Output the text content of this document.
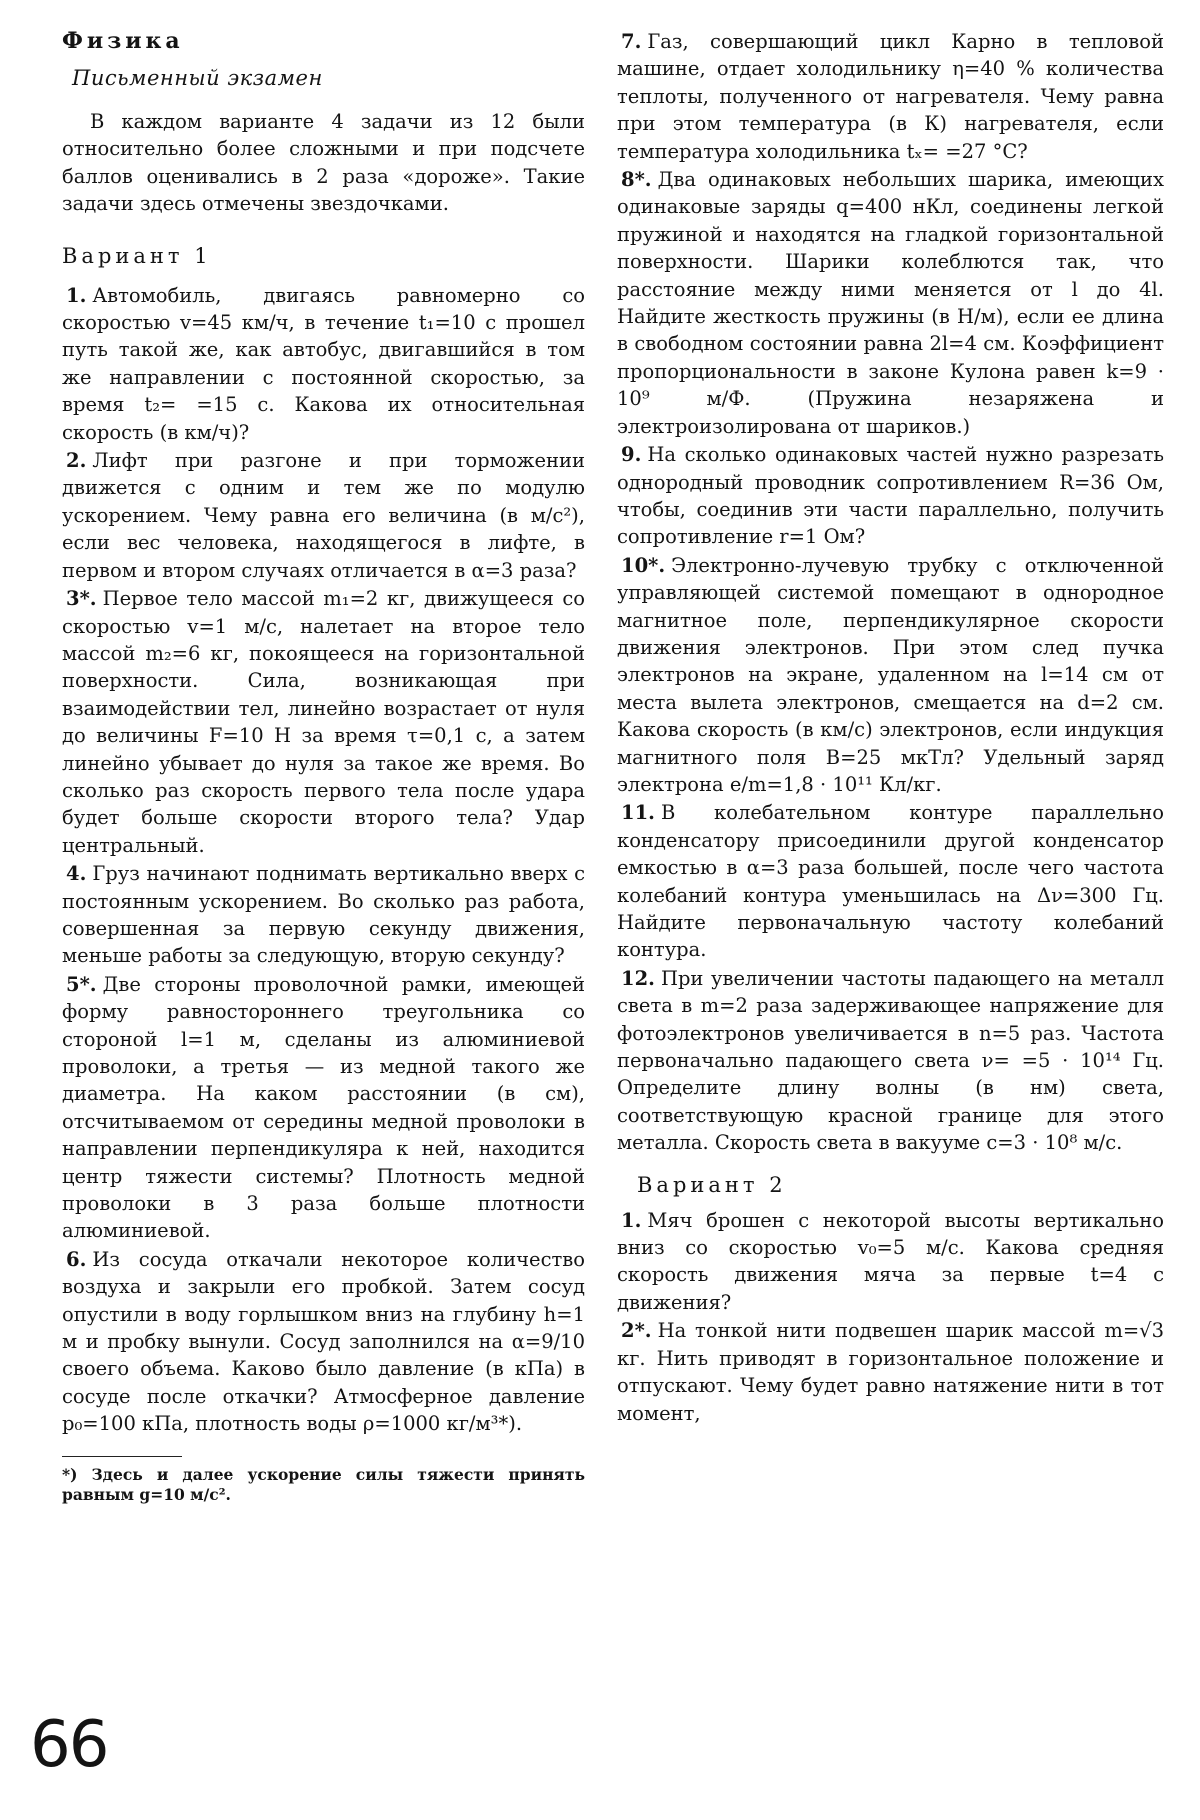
Физика

Письменный экзамен

В каждом варианте 4 задачи из 12 были относительно более сложными и при подсчете баллов оценивались в 2 раза «дороже». Такие задачи здесь отмечены звездочками.

Вариант 1

1. Автомобиль, двигаясь равномерно со скоростью v=45 км/ч, в течение t₁=10 с прошел путь такой же, как автобус, двигавшийся в том же направлении с постоянной скоростью, за время t₂= =15 с. Какова их относительная скорость (в км/ч)?

2. Лифт при разгоне и при торможении движется с одним и тем же по модулю ускорением. Чему равна его величина (в м/с²), если вес человека, находящегося в лифте, в первом и втором случаях отличается в α=3 раза?

3*. Первое тело массой m₁=2 кг, движущееся со скоростью v=1 м/с, налетает на второе тело массой m₂=6 кг, покоящееся на горизонтальной поверхности. Сила, возникающая при взаимодействии тел, линейно возрастает от нуля до величины F=10 Н за время τ=0,1 с, а затем линейно убывает до нуля за такое же время. Во сколько раз скорость первого тела после удара будет больше скорости второго тела? Удар центральный.

4. Груз начинают поднимать вертикально вверх с постоянным ускорением. Во сколько раз работа, совершенная за первую секунду движения, меньше работы за следующую, вторую секунду?

5*. Две стороны проволочной рамки, имеющей форму равностороннего треугольника со стороной l=1 м, сделаны из алюминиевой проволоки, а третья — из медной такого же диаметра. На каком расстоянии (в см), отсчитываемом от середины медной проволоки в направлении перпендикуляра к ней, находится центр тяжести системы? Плотность медной проволоки в 3 раза больше плотности алюминиевой.

6. Из сосуда откачали некоторое количество воздуха и закрыли его пробкой. Затем сосуд опустили в воду горлышком вниз на глубину h=1 м и пробку вынули. Сосуд заполнился на α=9/10 своего объема. Каково было давление (в кПа) в сосуде после откачки? Атмосферное давление p₀=100 кПа, плотность воды ρ=1000 кг/м³*).

*) Здесь и далее ускорение силы тяжести принять равным g=10 м/с².

7. Газ, совершающий цикл Карно в тепловой машине, отдает холодильнику η=40 % количества теплоты, полученного от нагревателя. Чему равна при этом температура (в К) нагревателя, если температура холодильника tₓ= =27 °C?

8*. Два одинаковых небольших шарика, имеющих одинаковые заряды q=400 нКл, соединены легкой пружиной и находятся на гладкой горизонтальной поверхности. Шарики колеблются так, что расстояние между ними меняется от l до 4l. Найдите жесткость пружины (в Н/м), если ее длина в свободном состоянии равна 2l=4 см. Коэффициент пропорциональности в законе Кулона равен k=9 · 10⁹ м/Ф. (Пружина незаряжена и электроизолирована от шариков.)

9. На сколько одинаковых частей нужно разрезать однородный проводник сопротивлением R=36 Ом, чтобы, соединив эти части параллельно, получить сопротивление r=1 Ом?

10*. Электронно-лучевую трубку с отключенной управляющей системой помещают в однородное магнитное поле, перпендикулярное скорости движения электронов. При этом след пучка электронов на экране, удаленном на l=14 см от места вылета электронов, смещается на d=2 см. Какова скорость (в км/с) электронов, если индукция магнитного поля B=25 мкТл? Удельный заряд электрона e/m=1,8 · 10¹¹ Кл/кг.

11. В колебательном контуре параллельно конденсатору присоединили другой конденсатор емкостью в α=3 раза большей, после чего частота колебаний контура уменьшилась на Δν=300 Гц. Найдите первоначальную частоту колебаний контура.

12. При увеличении частоты падающего на металл света в m=2 раза задерживающее напряжение для фотоэлектронов увеличивается в n=5 раз. Частота первоначально падающего света ν= =5 · 10¹⁴ Гц. Определите длину волны (в нм) света, соответствующую красной границе для этого металла. Скорость света в вакууме c=3 · 10⁸ м/с.

Вариант 2

1. Мяч брошен с некоторой высоты вертикально вниз со скоростью v₀=5 м/с. Какова средняя скорость движения мяча за первые t=4 с движения?

2*. На тонкой нити подвешен шарик массой m=√3 кг. Нить приводят в горизонтальное положение и отпускают. Чему будет равно натяжение нити в тот момент,

66
